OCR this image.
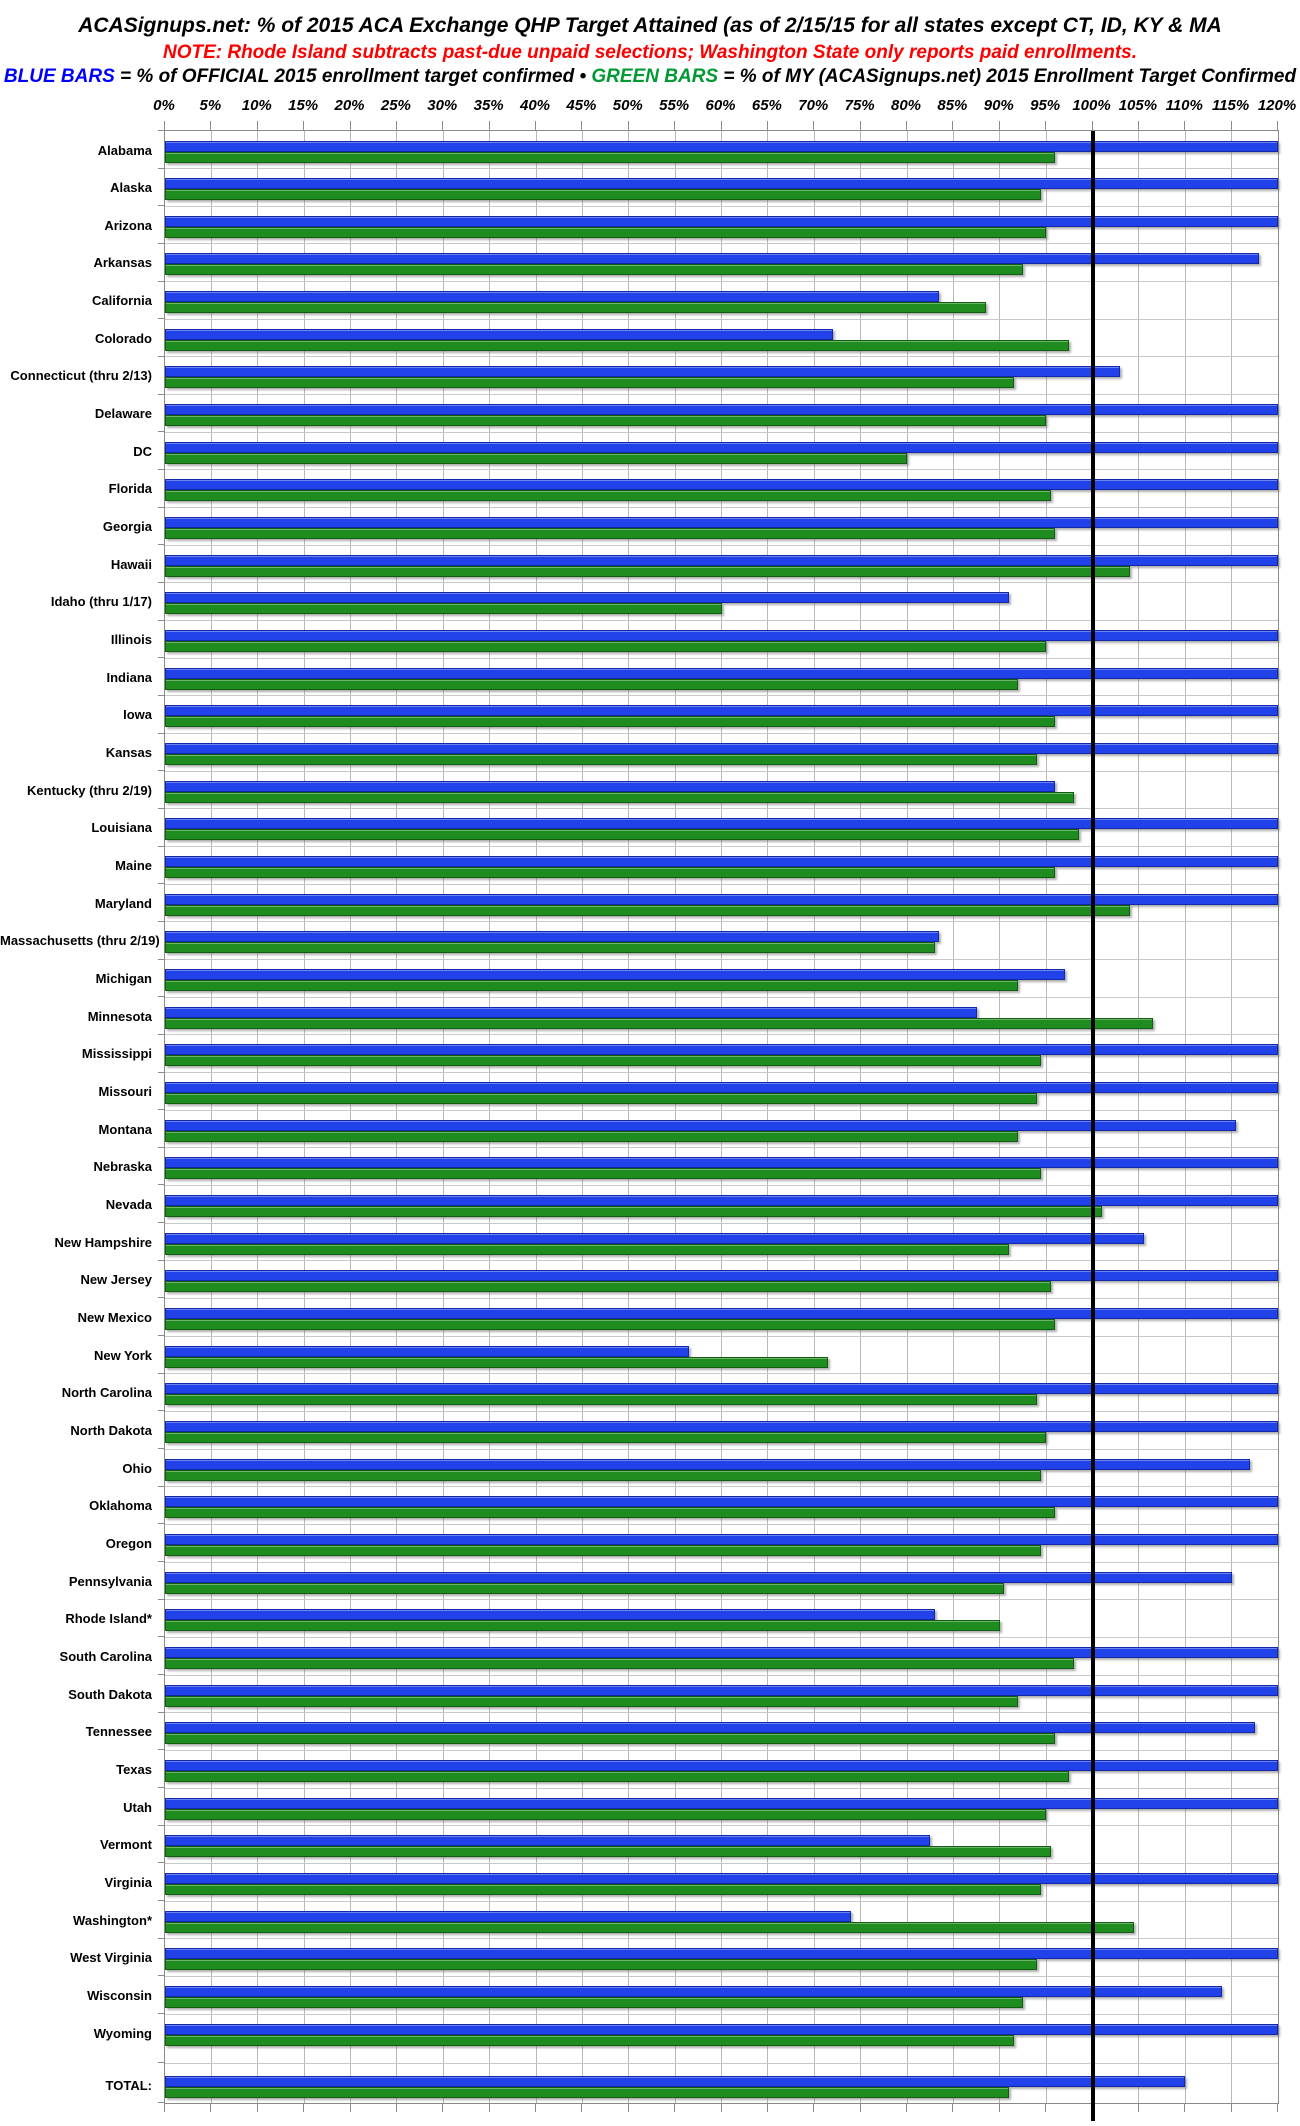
ACASignups.net: % of 2015 ACA Exchange QHP Target Attained (as of 2/15/15 for all states except CT, ID, KY & MA
NOTE: Rhode Island subtracts past-due unpaid selections; Washington State only reports paid enrollments.
BLUE BARS = % of OFFICIAL 2015 enrollment target confirmed • GREEN BARS = % of MY (ACASignups.net) 2015 Enrollment Target Confirmed
0%	5%	10%	15%	20%	25%	30%	35%	40%	45%	50%	55%	60%	65%	70%	75%	80%	85%	90%	95% 100% 105% 110% 115% 120%
Alabama
Alaska
Arizona
Arkansas
California
Colorado
Connecticut (thru 2/13)
Delaware
DC
Florida
Georgia
Hawaii
Idaho (thru 1/17)
Illinois
Indiana
Iowa
Kansas
Kentucky (thru 2/19)
Louisiana
Maine
Maryland
Massachusetts (thru 2/19)
Michigan
Minnesota
Mississippi
Missouri
Montana
Nebraska
Nevada
New Hampshire
New Jersey
New Mexico
New York
North Carolina
North Dakota
Ohio
Oklahoma
Oregon
Pennsylvania
Rhode Island*
South Carolina
South Dakota
Tennessee
Texas
Utah
Vermont
Virginia
Washington*
West Virginia
Wisconsin
Wyoming
TOTAL:
